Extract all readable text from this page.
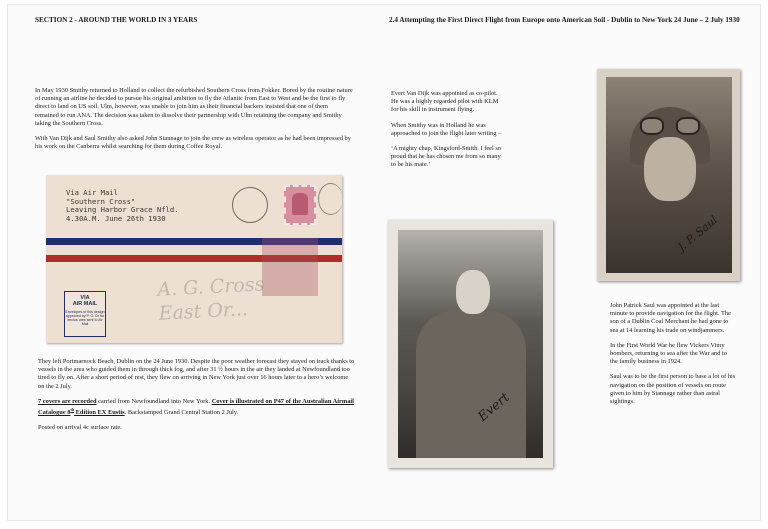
SECTION 2 - AROUND THE WORLD IN 3 YEARS	2.4 Attempting the First Direct Flight from Europe onto American Soil - Dublin to New York 24 June – 2 July 1930

In May 1930 Smithy returned to Holland to collect the refurbished Southern Cross from Fokker. Bored by the routine nature of running an airline he decided to pursue his original ambition to fly the Atlantic from East to West and be the first to fly direct to land on US soil. Ulm, however, was unable to join him as their financial backers insisted that one of them remained to run ANA. The decision was taken to dissolve their partnership with Ulm retaining the company and Smithy taking the Southern Cross.

With Van Dijk and Saul Smithy also asked John Stannage to join the crew as wireless operator as he had been impressed by his work on the Canberra whilst searching for them during Coffee Royal.

Via Air Mail
"Southern Cross"
Leaving Harbor Grace Nfld.
4.30A.M. June 26th 1930
A. G. Cross
East Or...
VIA
AIR MAIL
Envelopes of this design approved by P. O. Dr for enclos ures sent to Air Mail

They left Portmarnock Beach, Dublin on the 24 June 1930. Despite the poor weather forecast they stayed on track thanks to vessels in the area who guided them in through thick fog, and after 31 ½ hours in the air they landed at Newfoundland too tired to fly on. After a short period of rest, they flew on arriving in New York just over 16 hours later to a hero’s welcome on the 2 July.

7 covers are recorded carried from Newfoundland into New York. Cover is illustrated on P47 of the Australian Airmail Catalogue 8th Edition EX Eustis. Backstamped Grand Central Station 2 July.

Posted on arrival 4c surface rate.

Evert Van Dijk was appointed as co-pilot. He was a highly regarded pilot with KLM for his skill in instrument flying.

When Smithy was in Holland he was approached to join the flight later writing –

‘A mighty chap, Kingsford-Smith. I feel so proud that he has chosen me from so many to be his mate.’

Evert
J. P. Saul

John Patrick Saul was appointed at the last minute to provide navigation for the flight. The son of a Dublin Coal Merchant he had gone to sea at 14 learning his trade on windjammers.

In the First World War he flew Vickers Vimy bombers, returning to sea after the War and to the family business in 1924.

Saul was to be the first person to base a lot of his navigation on the position of vessels on route given to him by Stannage rather than astral sightings.
